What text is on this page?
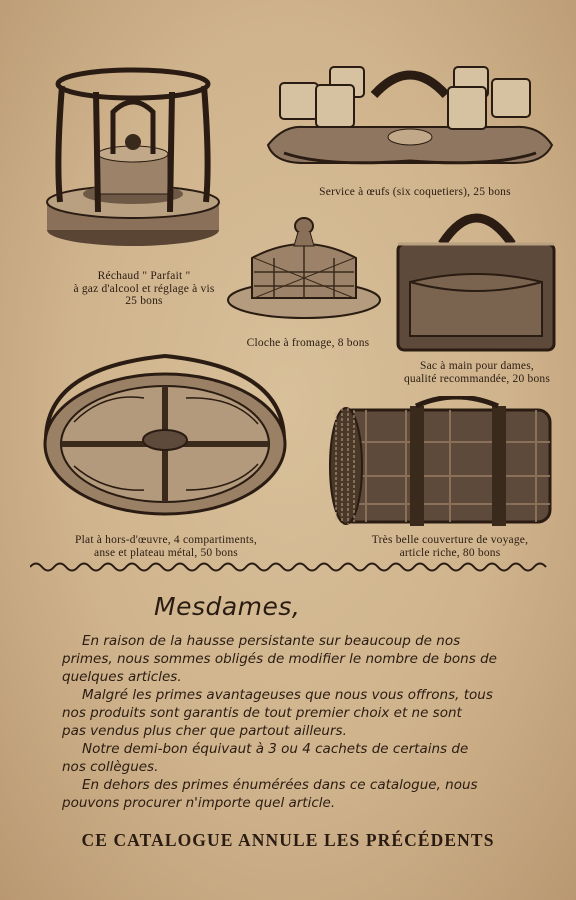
Réchaud " Parfait "
à gaz d'alcool et réglage à vis
25 bons
Service à œufs (six coquetiers), 25 bons
Cloche à fromage, 8 bons
Sac à main pour dames,
qualité recommandée, 20 bons
Plat à hors-d'œuvre, 4 compartiments,
anse et plateau métal, 50 bons
Très belle couverture de voyage,
article riche, 80 bons
Mesdames,
En raison de la hausse persistante sur beaucoup de nos
primes, nous sommes obligés de modifier le nombre de bons de
quelques articles.
Malgré les primes avantageuses que nous vous offrons, tous
nos produits sont garantis de tout premier choix et ne sont
pas vendus plus cher que partout ailleurs.
Notre demi-bon équivaut à 3 ou 4 cachets de certains de
nos collègues.
En dehors des primes énumérées dans ce catalogue, nous
pouvons procurer n'importe quel article.
CE CATALOGUE ANNULE LES PRÉCÉDENTS
